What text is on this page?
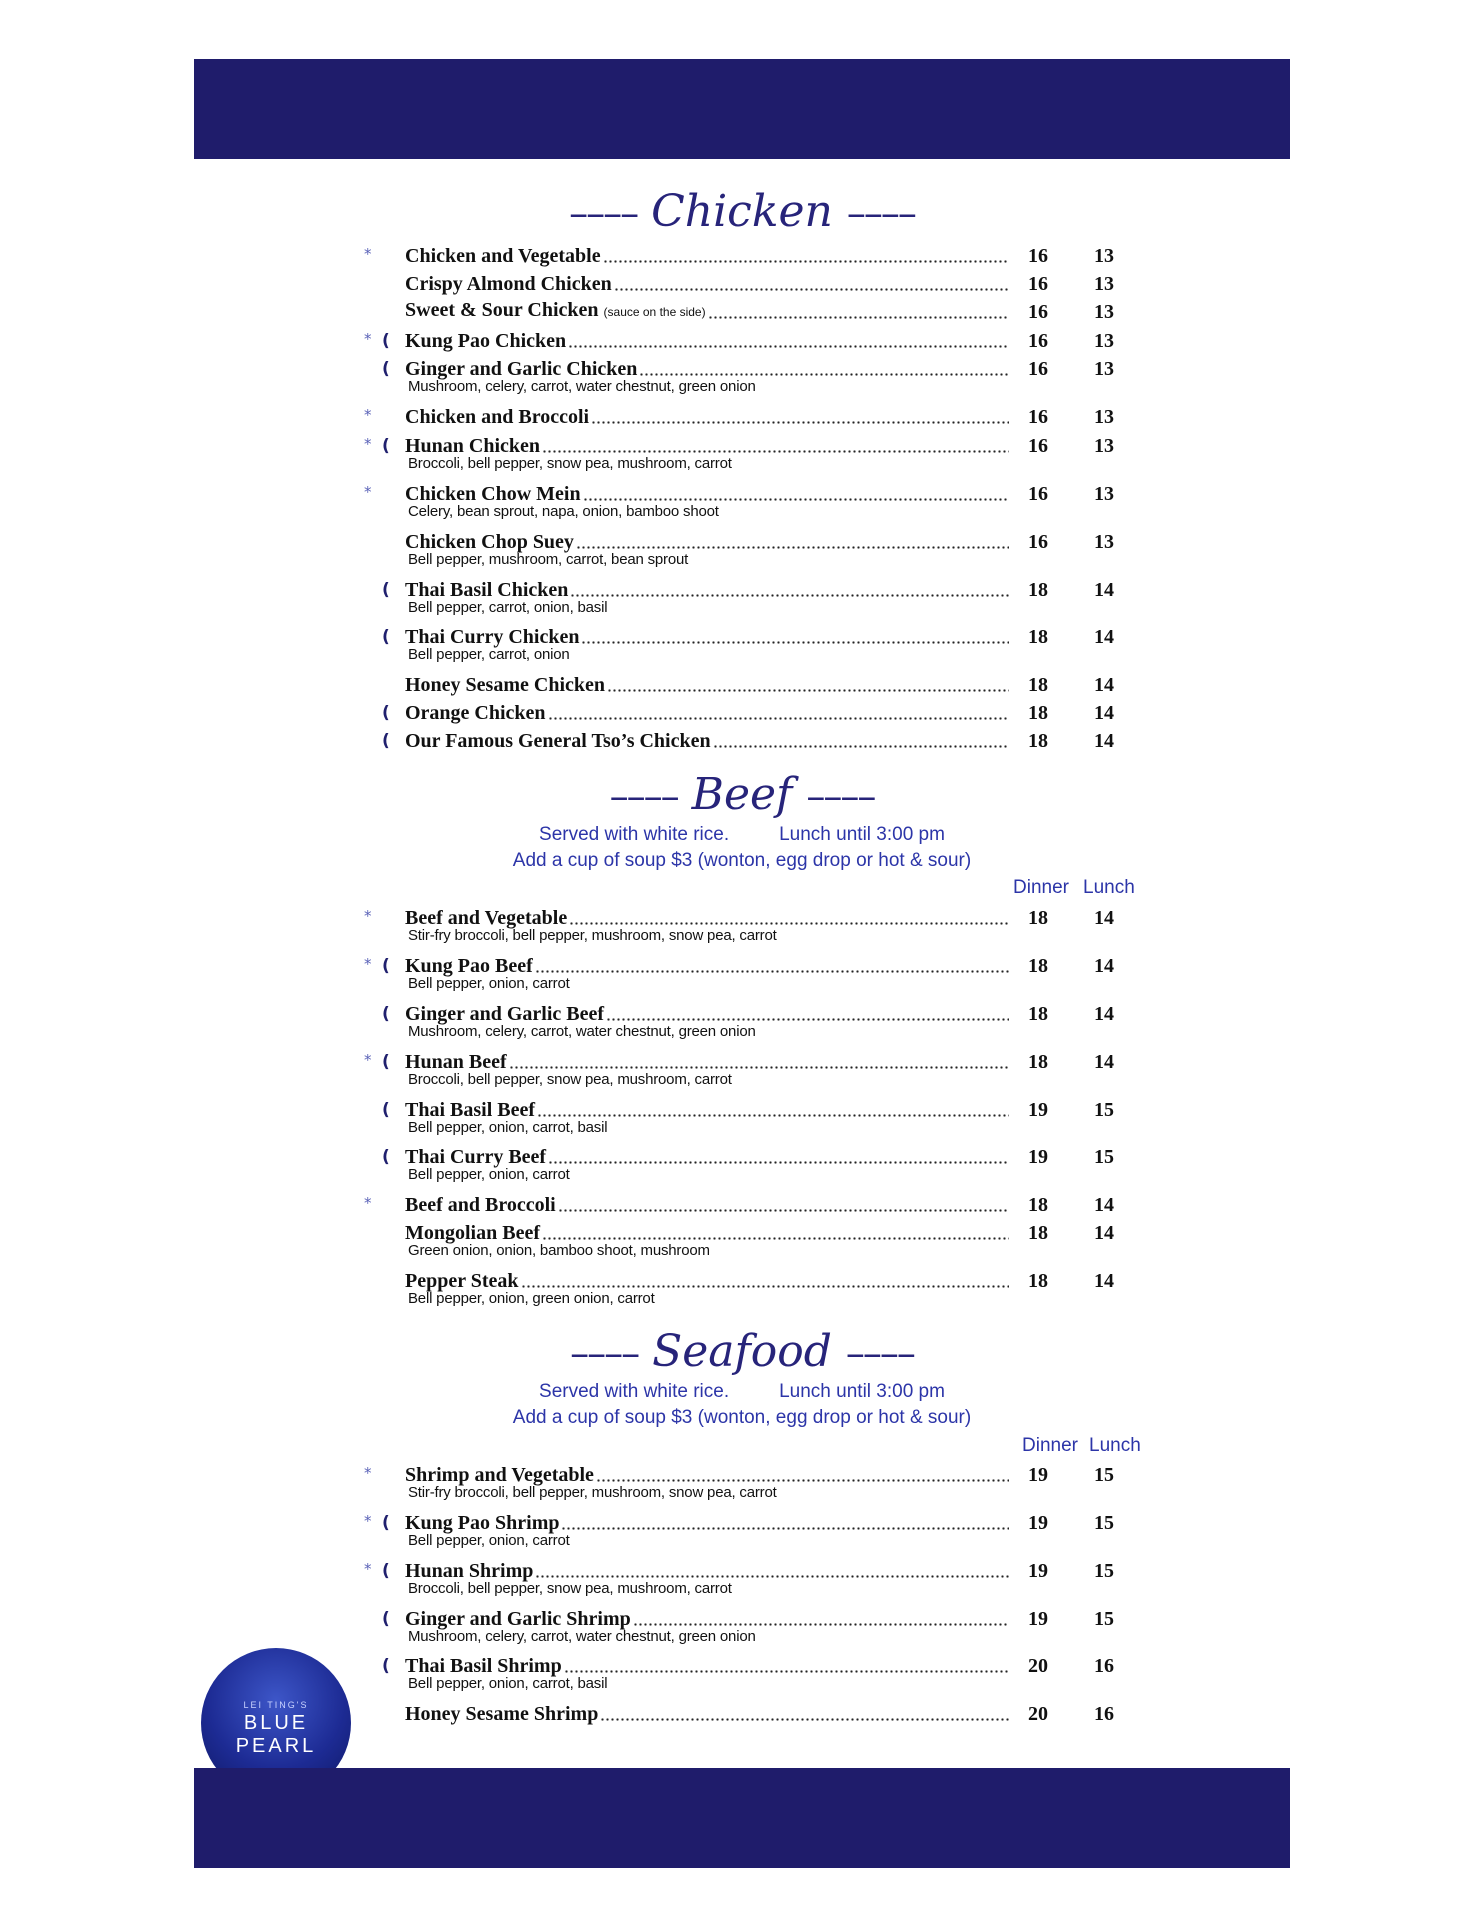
–––– Chicken ––––
* Chicken and Vegetable	16 13
Crispy Almond Chicken	16 13
Sweet & Sour Chicken (sauce on the side)	16 13
* ( Kung Pao Chicken	16 13
( Ginger and Garlic Chicken	16 13
Mushroom, celery, carrot, water chestnut, green onion
* Chicken and Broccoli	16 13
* ( Hunan Chicken	16 13
Broccoli, bell pepper, snow pea, mushroom, carrot
* Chicken Chow Mein	16 13
Celery, bean sprout, napa, onion, bamboo shoot
Chicken Chop Suey	16 13
Bell pepper, mushroom, carrot, bean sprout
( Thai Basil Chicken	18 14
Bell pepper, carrot, onion, basil
( Thai Curry Chicken	18 14
Bell pepper, carrot, onion
Honey Sesame Chicken	18 14
( Orange Chicken	18 14
( Our Famous General Tso’s Chicken	18 14
–––– Beef ––––
Served with white rice.	Lunch until 3:00 pm
Add a cup of soup $3 (wonton, egg drop or hot & sour)
Dinner Lunch
* Beef and Vegetable	18 14
Stir-fry broccoli, bell pepper, mushroom, snow pea, carrot
* ( Kung Pao Beef	18 14
Bell pepper, onion, carrot
( Ginger and Garlic Beef	18 14
Mushroom, celery, carrot, water chestnut, green onion
* ( Hunan Beef	18 14
Broccoli, bell pepper, snow pea, mushroom, carrot
( Thai Basil Beef	19 15
Bell pepper, onion, carrot, basil
( Thai Curry Beef	19 15
Bell pepper, onion, carrot
* Beef and Broccoli	18 14
Mongolian Beef	18 14
Green onion, onion, bamboo shoot, mushroom
Pepper Steak	18 14
Bell pepper, onion, green onion, carrot
–––– Seafood ––––
Served with white rice.	Lunch until 3:00 pm
Add a cup of soup $3 (wonton, egg drop or hot & sour)
Dinner Lunch
* Shrimp and Vegetable	19 15
Stir-fry broccoli, bell pepper, mushroom, snow pea, carrot
* ( Kung Pao Shrimp	19 15
Bell pepper, onion, carrot
* ( Hunan Shrimp	19 15
Broccoli, bell pepper, snow pea, mushroom, carrot
( Ginger and Garlic Shrimp	19 15
Mushroom, celery, carrot, water chestnut, green onion
( Thai Basil Shrimp	20 16
Bell pepper, onion, carrot, basil
Honey Sesame Shrimp	20 16
LEI TING'S
BLUE PEARL
